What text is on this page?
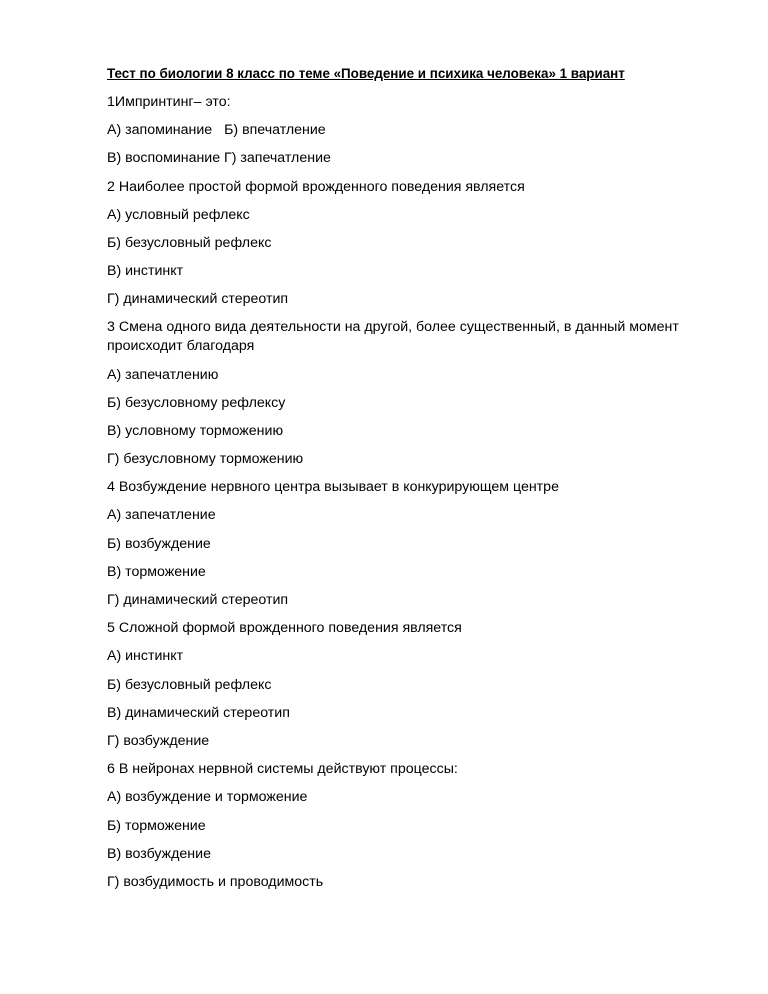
Тест по биологии 8 класс по теме «Поведение и психика человека» 1 вариант
1Импринтинг– это:
А) запоминание Б) впечатление
В) воспоминание Г) запечатление
2 Наиболее простой формой врожденного поведения является
А) условный рефлекс
Б) безусловный рефлекс
В) инстинкт
Г) динамический стереотип
3 Смена одного вида деятельности на другой, более существенный, в данный момент происходит благодаря
А) запечатлению
Б) безусловному рефлексу
В) условному торможению
Г) безусловному торможению
4 Возбуждение нервного центра вызывает в конкурирующем центре
А) запечатление
Б) возбуждение
В) торможение
Г) динамический стереотип
5 Сложной формой врожденного поведения является
А) инстинкт
Б) безусловный рефлекс
В) динамический стереотип
Г) возбуждение
6 В нейронах нервной системы действуют процессы:
А) возбуждение и торможение
Б) торможение
В) возбуждение
Г) возбудимость и проводимость
